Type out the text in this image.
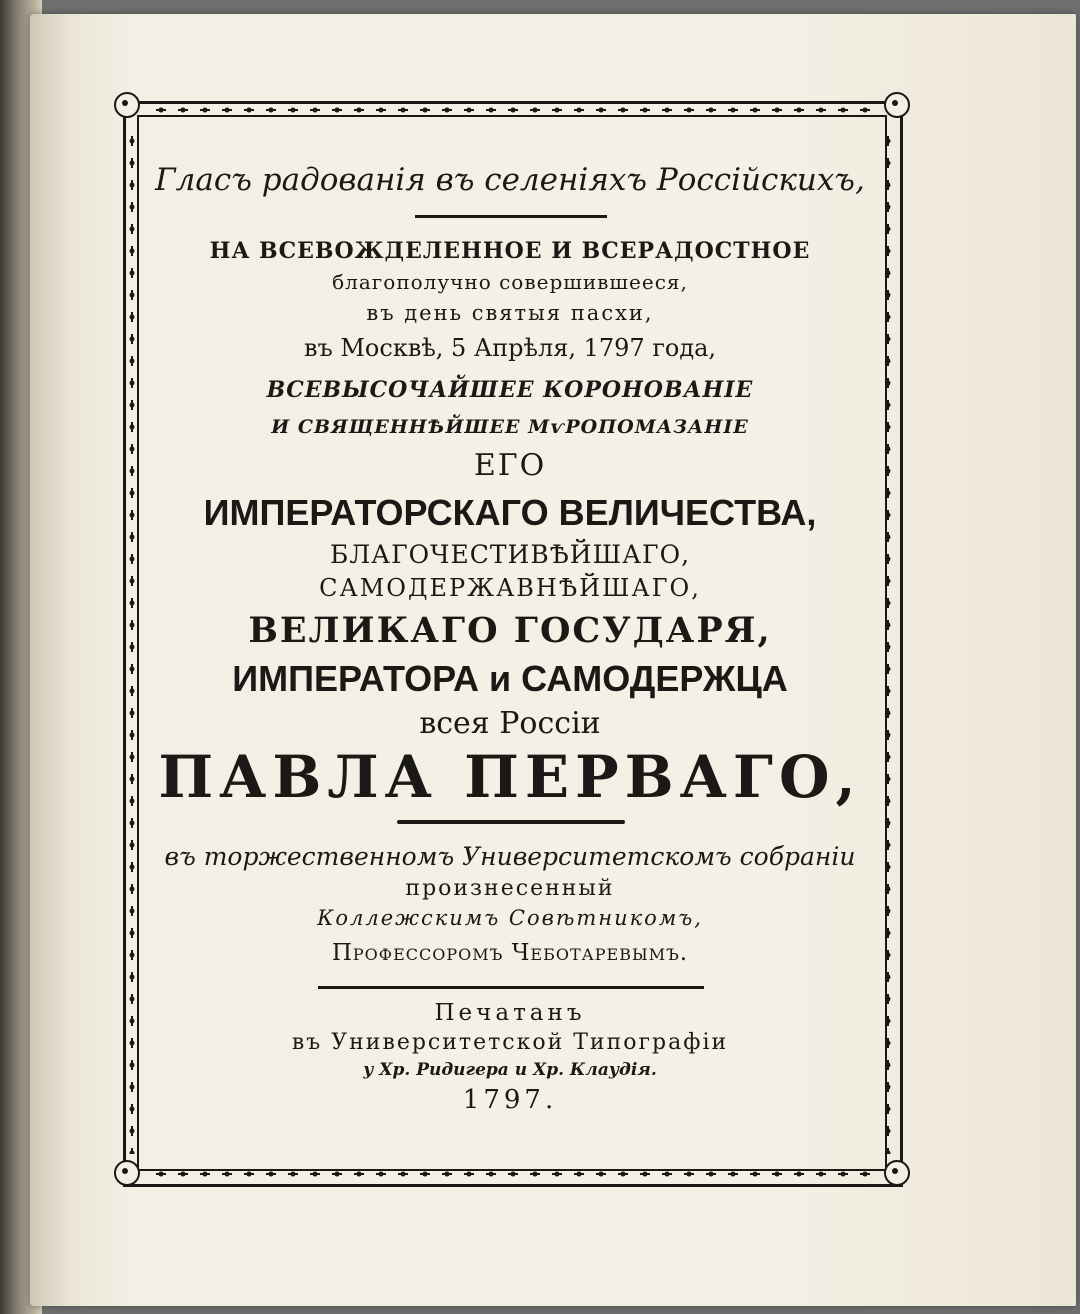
Гласъ радованія въ селеніяхъ Россійскихъ,
НА ВСЕВОЖДЕЛЕННОЕ И ВСЕРАДОСТНОЕ
благополучно совершившееся,
въ день святыя пасхи,
въ Москвѣ, 5 Апрѣля, 1797 года,
ВСЕВЫСОЧАЙШЕЕ КОРОНОВАНІЕ
И СВЯЩЕННѢЙШЕЕ МѵРОПОМАЗАНІЕ
ЕГО
ИМПЕРАТОРСКАГО ВЕЛИЧЕСТВА,
БЛАГОЧЕСТИВѢЙШАГО,
САМОДЕРЖАВНѢЙШАГО,
ВЕЛИКАГО ГОСУДАРЯ,
ИМПЕРАТОРА и САМОДЕРЖЦА
всея Россіи
ПАВЛА ПЕРВАГО,
въ торжественномъ Университетскомъ собраніи
произнесенный
Коллежскимъ Совѣтникомъ,
Профессоромъ Чеботаревымъ.
Печатанъ
въ Университетской Типографіи
у Хр. Ридигера и Хр. Клаудія.
1797.
